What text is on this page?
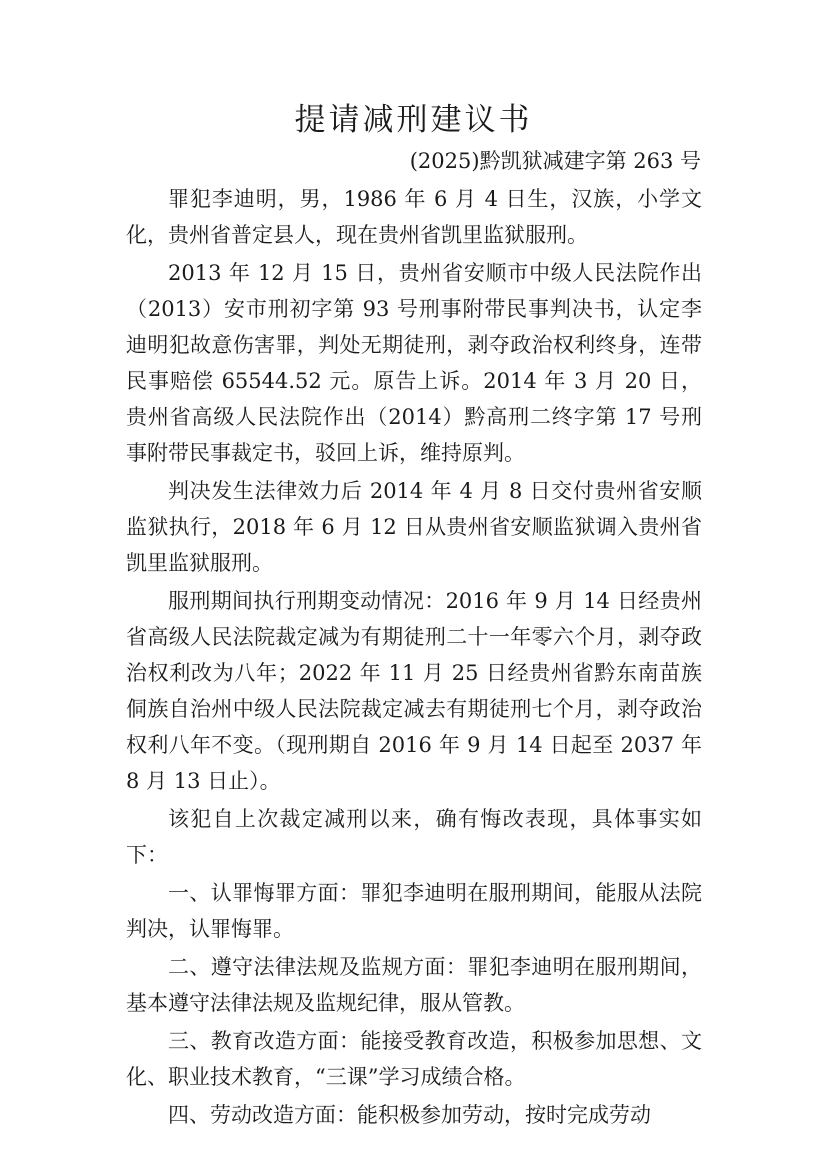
提请减刑建议书
(2025)黔凯狱减建字第 263 号

罪犯李迪明，男，1986 年 6 月 4 日生，汉族，小学文化，贵州省普定县人，现在贵州省凯里监狱服刑。

2013 年 12 月 15 日，贵州省安顺市中级人民法院作出（2013）安市刑初字第 93 号刑事附带民事判决书，认定李迪明犯故意伤害罪，判处无期徒刑，剥夺政治权利终身，连带民事赔偿 65544.52 元。原告上诉。2014 年 3 月 20 日，贵州省高级人民法院作出（2014）黔高刑二终字第 17 号刑事附带民事裁定书，驳回上诉，维持原判。

判决发生法律效力后 2014 年 4 月 8 日交付贵州省安顺监狱执行，2018 年 6 月 12 日从贵州省安顺监狱调入贵州省凯里监狱服刑。

服刑期间执行刑期变动情况：2016 年 9 月 14 日经贵州省高级人民法院裁定减为有期徒刑二十一年零六个月，剥夺政治权利改为八年；2022 年 11 月 25 日经贵州省黔东南苗族侗族自治州中级人民法院裁定减去有期徒刑七个月，剥夺政治权利八年不变。（现刑期自 2016 年 9 月 14 日起至 2037 年 8 月 13 日止）。

该犯自上次裁定减刑以来，确有悔改表现，具体事实如下：

一、认罪悔罪方面：罪犯李迪明在服刑期间，能服从法院判决，认罪悔罪。

二、遵守法律法规及监规方面：罪犯李迪明在服刑期间，基本遵守法律法规及监规纪律，服从管教。

三、教育改造方面：能接受教育改造，积极参加思想、文化、职业技术教育，“三课”学习成绩合格。

四、劳动改造方面：能积极参加劳动，按时完成劳动
